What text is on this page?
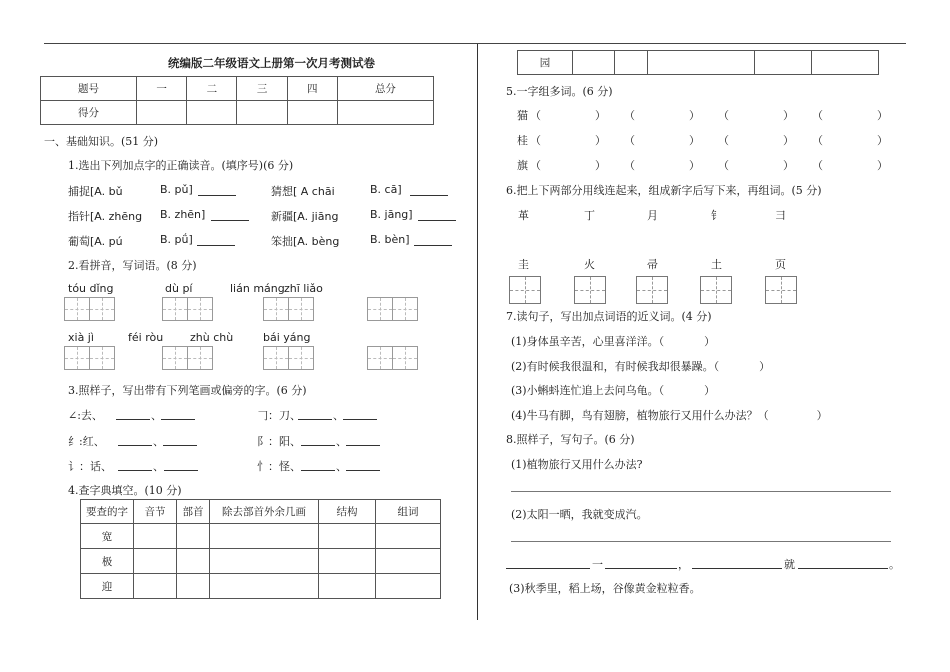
统编版二年级语文上册第一次月考测试卷
题号	一	二	三	四	总分
得分					
一、基础知识。(51 分)
1.选出下列加点字的正确读音。(填序号)(6 分)
捕捉[A. bǔ	B. pǔ]	猜想[ A chāi	B. cā]
指针[A. zhēng B. zhēn]	新疆[A. jiāng	B. jāng]
葡萄[A. pú	B. pǘ]	笨拙[A. bèng	B. bèn]
2.看拼音，写词语。(8 分)
tóu dǐng	dù pí	lián máng zhī liǎo
xià jì	féi ròu zhù chù	bái yáng
3.照样子，写出带有下列笔画或偏旁的字。(6 分)
∠:去、	、	𠃌：刀、	、
纟:红、	、	阝：阳、	、
讠：话、	、	忄：怪、	、
4.查字典填空。(10 分)
要查的字	音节	部首	除去部首外余几画	结构	组词
宽					
极					
迎					
园					
5.一字组多词。(6 分)
猫 （	） （	） （	） （	）
桂 （	） （	） （	） （	）
旗 （	） （	） （	） （	）
6.把上下两部分用线连起来，组成新字后写下来，再组词。(5 分)
革	丁	月	钅	彐
圭	火	帚	土	页
7.读句子，写出加点词语的近义词。(4 分)
(1)身体虽辛苦，心里喜洋洋。（	）
(2)有时候我很温和，有时候我却很暴躁。（	）
(3)小蝌蚪连忙追上去问乌龟。（	）
(4)牛马有脚，鸟有翅膀，植物旅行又用什么办法？（	）
8.照样子，写句子。(6 分)
(1)植物旅行又用什么办法?
(2)太阳一晒，我就变成汽。
一	，	就	。
(3)秋季里，稻上场，谷像黄金粒粒香。
